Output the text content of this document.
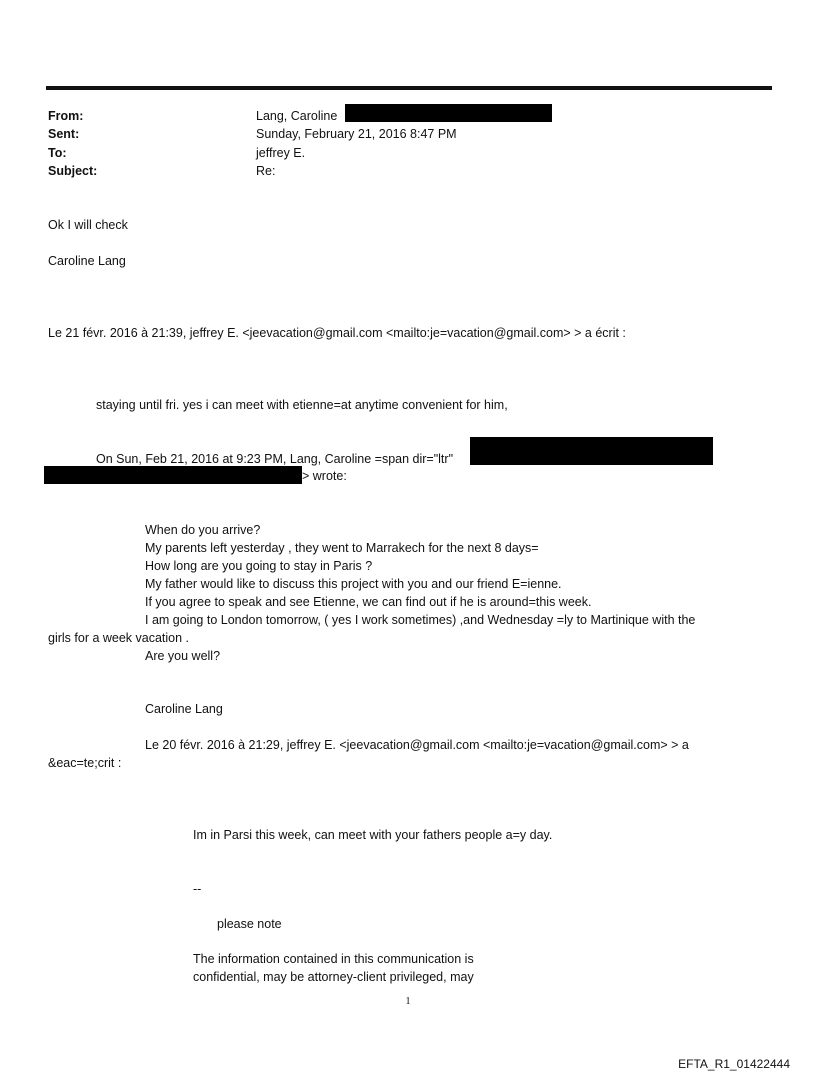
From:	Lang, Caroline
Sent:	Sunday, February 21, 2016 8:47 PM
To:	jeffrey E.
Subject:	Re:
Ok I will check
Caroline Lang
Le 21 févr. 2016 à 21:39, jeffrey E. <jeevacation@gmail.com <mailto:je=vacation@gmail.com> > a écrit :
staying until fri. yes i can meet with etienne=at anytime convenient for him,
On Sun, Feb 21, 2016 at 9:23 PM, Lang, Caroline =span dir="ltr"
> wrote:
When do you arrive?
My parents left yesterday , they went to Marrakech for the next 8 days=
How long are you going to stay in Paris ?
My father would like to discuss this project with you and our friend E=ienne.
If you agree to speak and see Etienne, we can find out if he is around=this week.
I am going to London tomorrow, ( yes I work sometimes) ,and Wednesday =ly to Martinique with the
girls for a week vacation .
Are you well?
Caroline Lang
Le 20 févr. 2016 à 21:29, jeffrey E. <jeevacation@gmail.com <mailto:je=vacation@gmail.com> > a
&eac=te;crit :
Im in Parsi this week, can meet with your fathers people a=y day.
--
please note
The information contained in this communication is
confidential, may be attorney-client privileged, may
1
EFTA_R1_01422444
